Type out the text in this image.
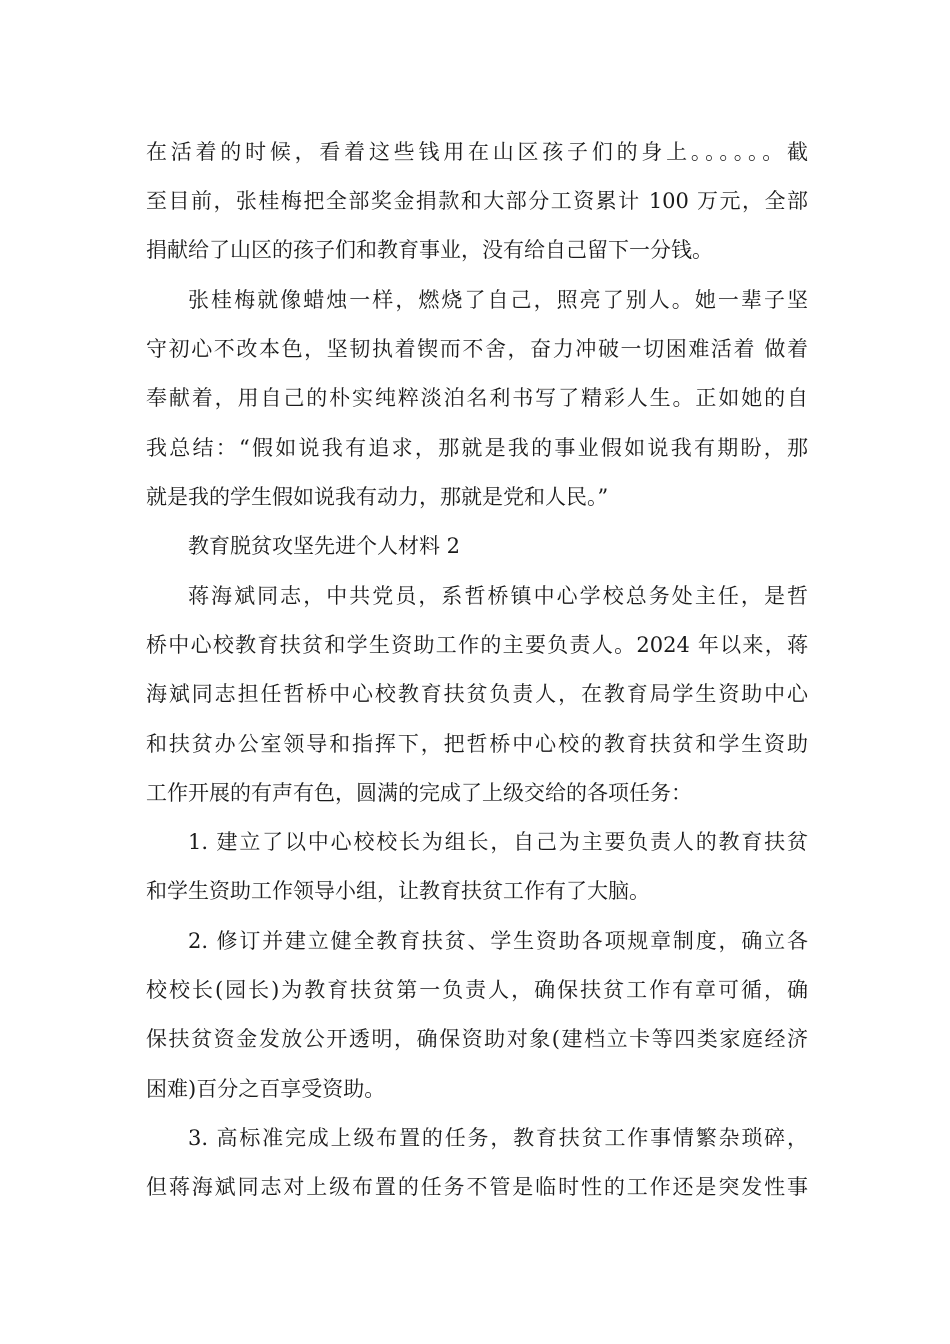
在活着的时候，看着这些钱用在山区孩子们的身上。。。。。。截
至目前，张桂梅把全部奖金捐款和大部分工资累计 100 万元，全部
捐献给了山区的孩子们和教育事业，没有给自己留下一分钱。
张桂梅就像蜡烛一样，燃烧了自己，照亮了别人。她一辈子坚
守初心不改本色，坚韧执着锲而不舍，奋力冲破一切困难活着 做着
奉献着，用自己的朴实纯粹淡泊名利书写了精彩人生。正如她的自
我总结：“假如说我有追求，那就是我的事业假如说我有期盼，那
就是我的学生假如说我有动力，那就是党和人民。”
教育脱贫攻坚先进个人材料 2
蒋海斌同志，中共党员，系哲桥镇中心学校总务处主任，是哲
桥中心校教育扶贫和学生资助工作的主要负责人。2024 年以来，蒋
海斌同志担任哲桥中心校教育扶贫负责人，在教育局学生资助中心
和扶贫办公室领导和指挥下，把哲桥中心校的教育扶贫和学生资助
工作开展的有声有色，圆满的完成了上级交给的各项任务：
1. 建立了以中心校校长为组长，自己为主要负责人的教育扶贫
和学生资助工作领导小组，让教育扶贫工作有了大脑。
2. 修订并建立健全教育扶贫、学生资助各项规章制度，确立各
校校长(园长)为教育扶贫第一负责人，确保扶贫工作有章可循，确
保扶贫资金发放公开透明，确保资助对象(建档立卡等四类家庭经济
困难)百分之百享受资助。
3. 高标准完成上级布置的任务，教育扶贫工作事情繁杂琐碎，
但蒋海斌同志对上级布置的任务不管是临时性的工作还是突发性事
